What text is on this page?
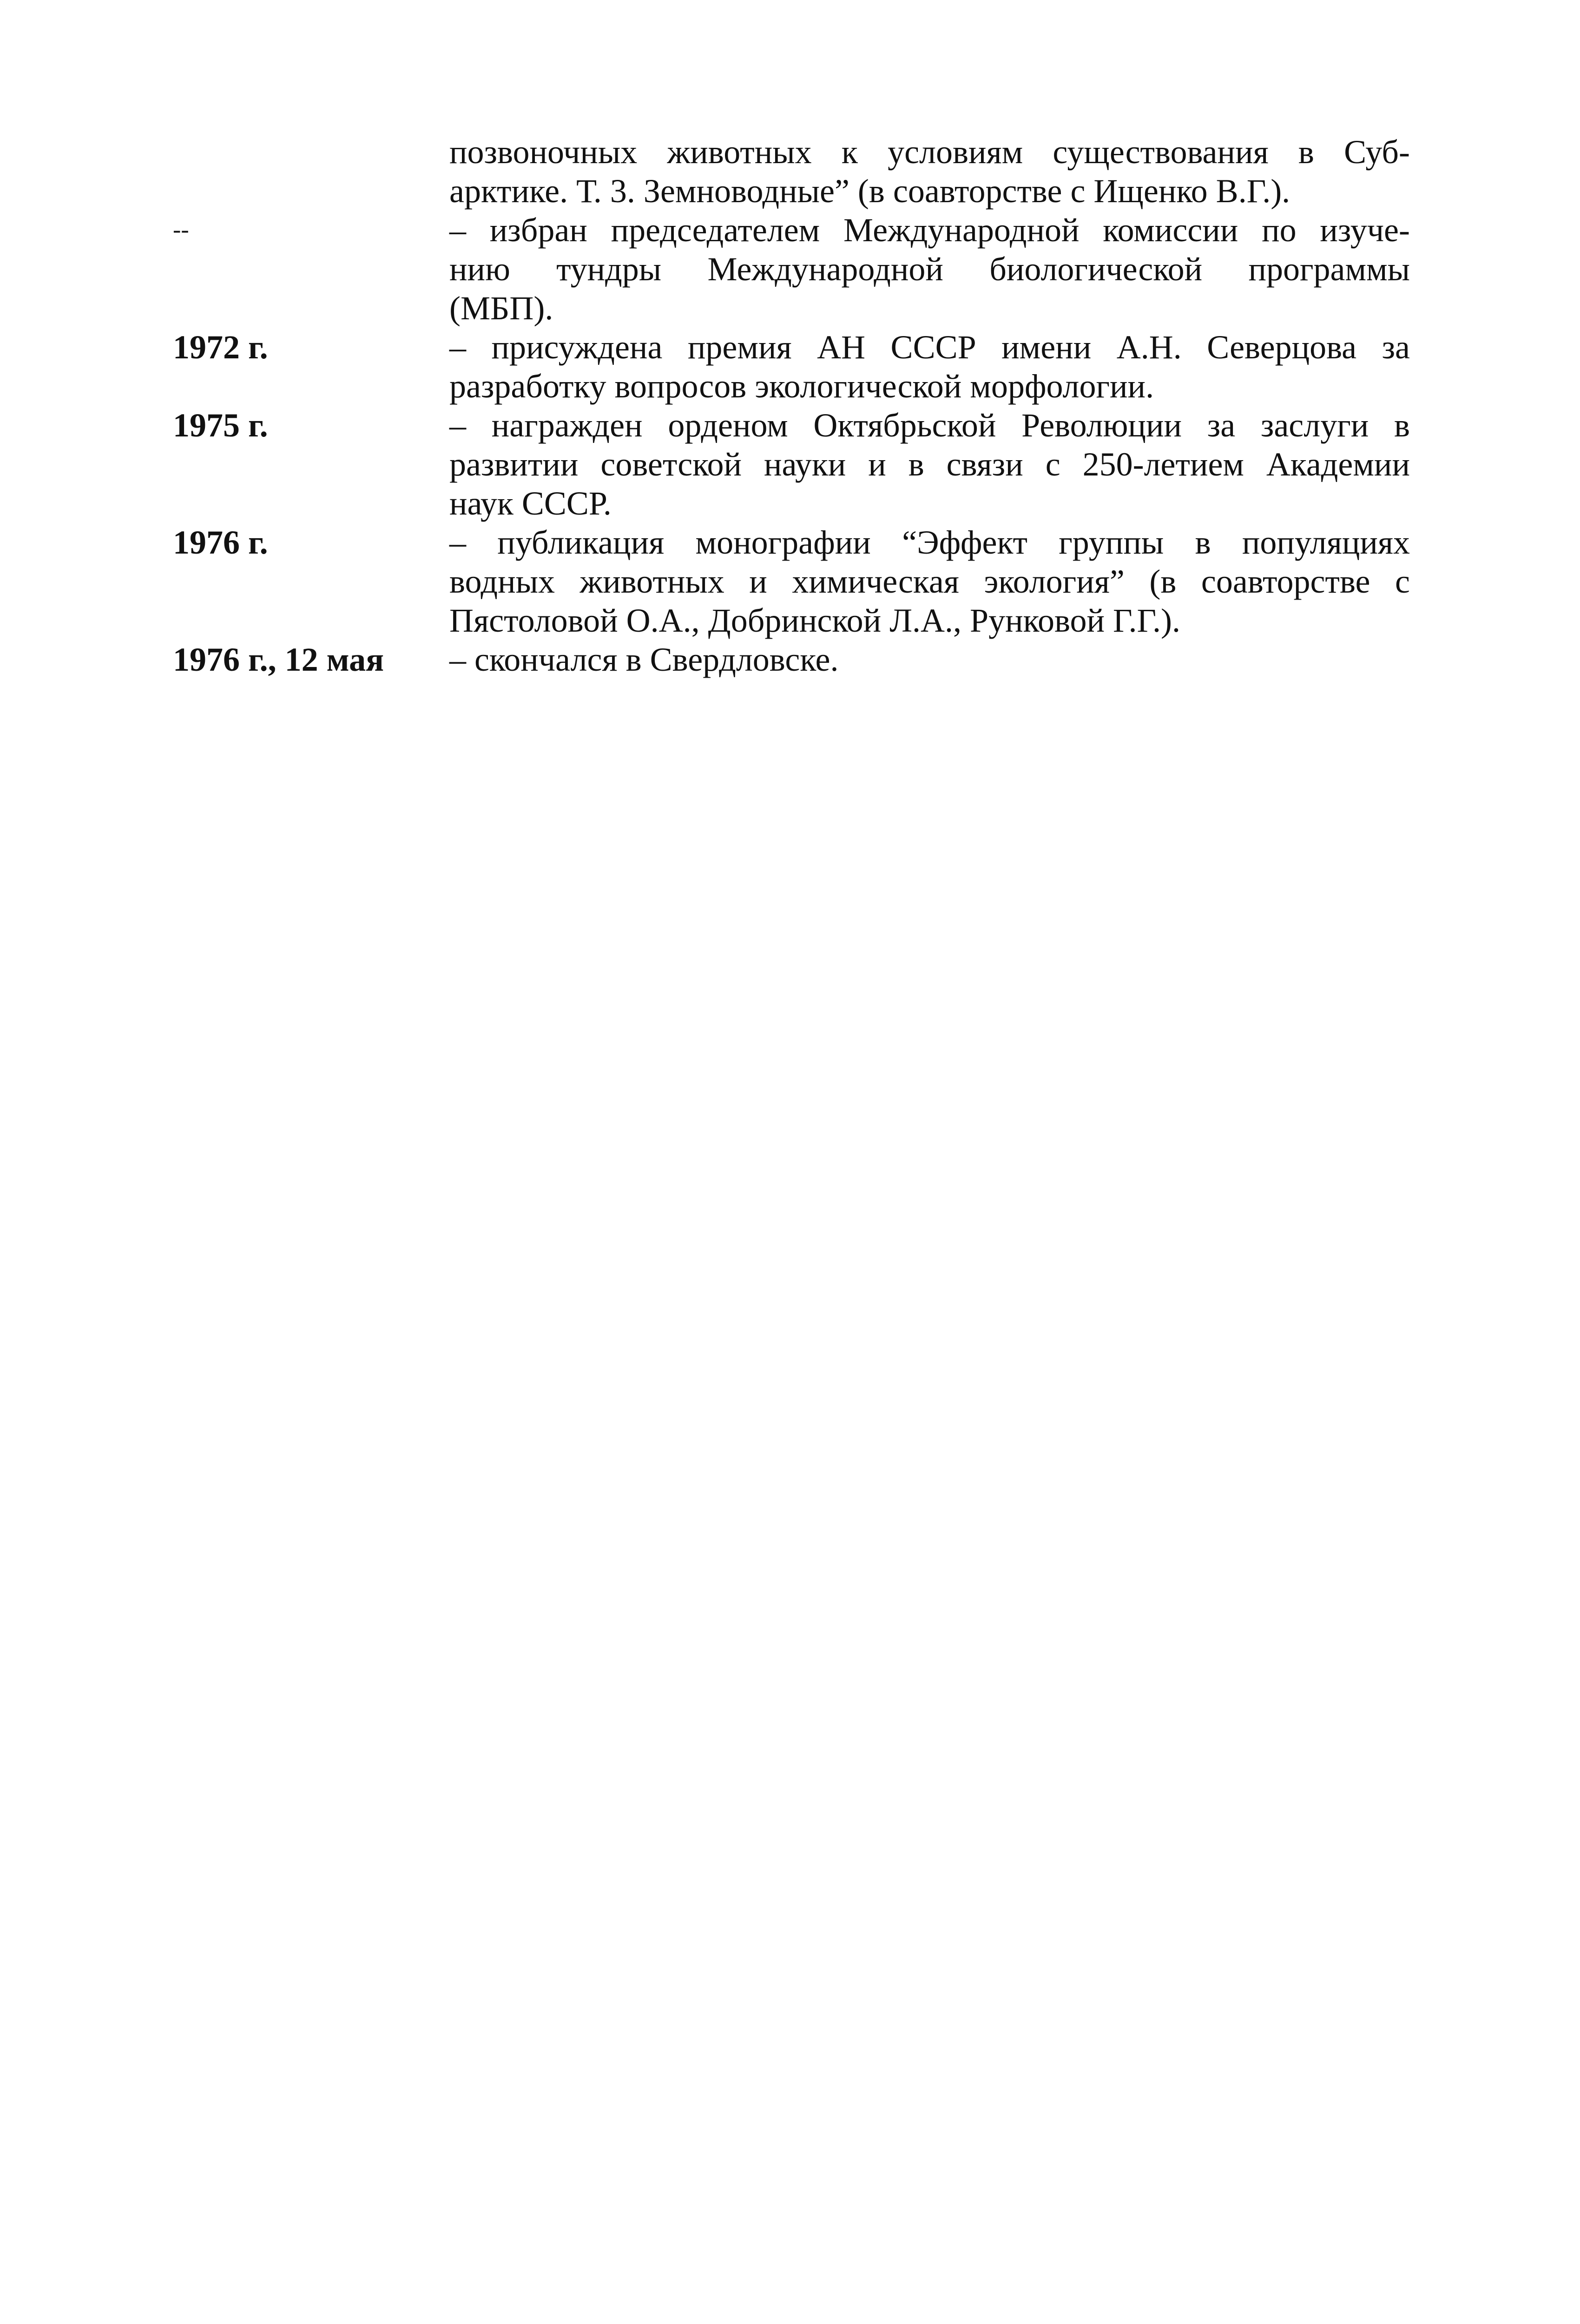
позвоночных животных к условиям существования в Суб-
арктике. Т. 3. Земноводные” (в соавторстве с Ищенко В.Г.).
--	– избран председателем Международной комиссии по изуче-
нию тундры Международной биологической программы
(МБП).
1972 г.	– присуждена премия АН СССР имени А.Н. Северцова за
разработку вопросов экологической морфологии.
1975 г.	– награжден орденом Октябрьской Революции за заслуги в
развитии советской науки и в связи с 250-летием Академии
наук СССР.
1976 г.	– публикация монографии “Эффект группы в популяциях
водных животных и химическая экология” (в соавторстве с
Пястоловой О.А., Добринской Л.А., Рунковой Г.Г.).
1976 г., 12 мая – скончался в Свердловске.
